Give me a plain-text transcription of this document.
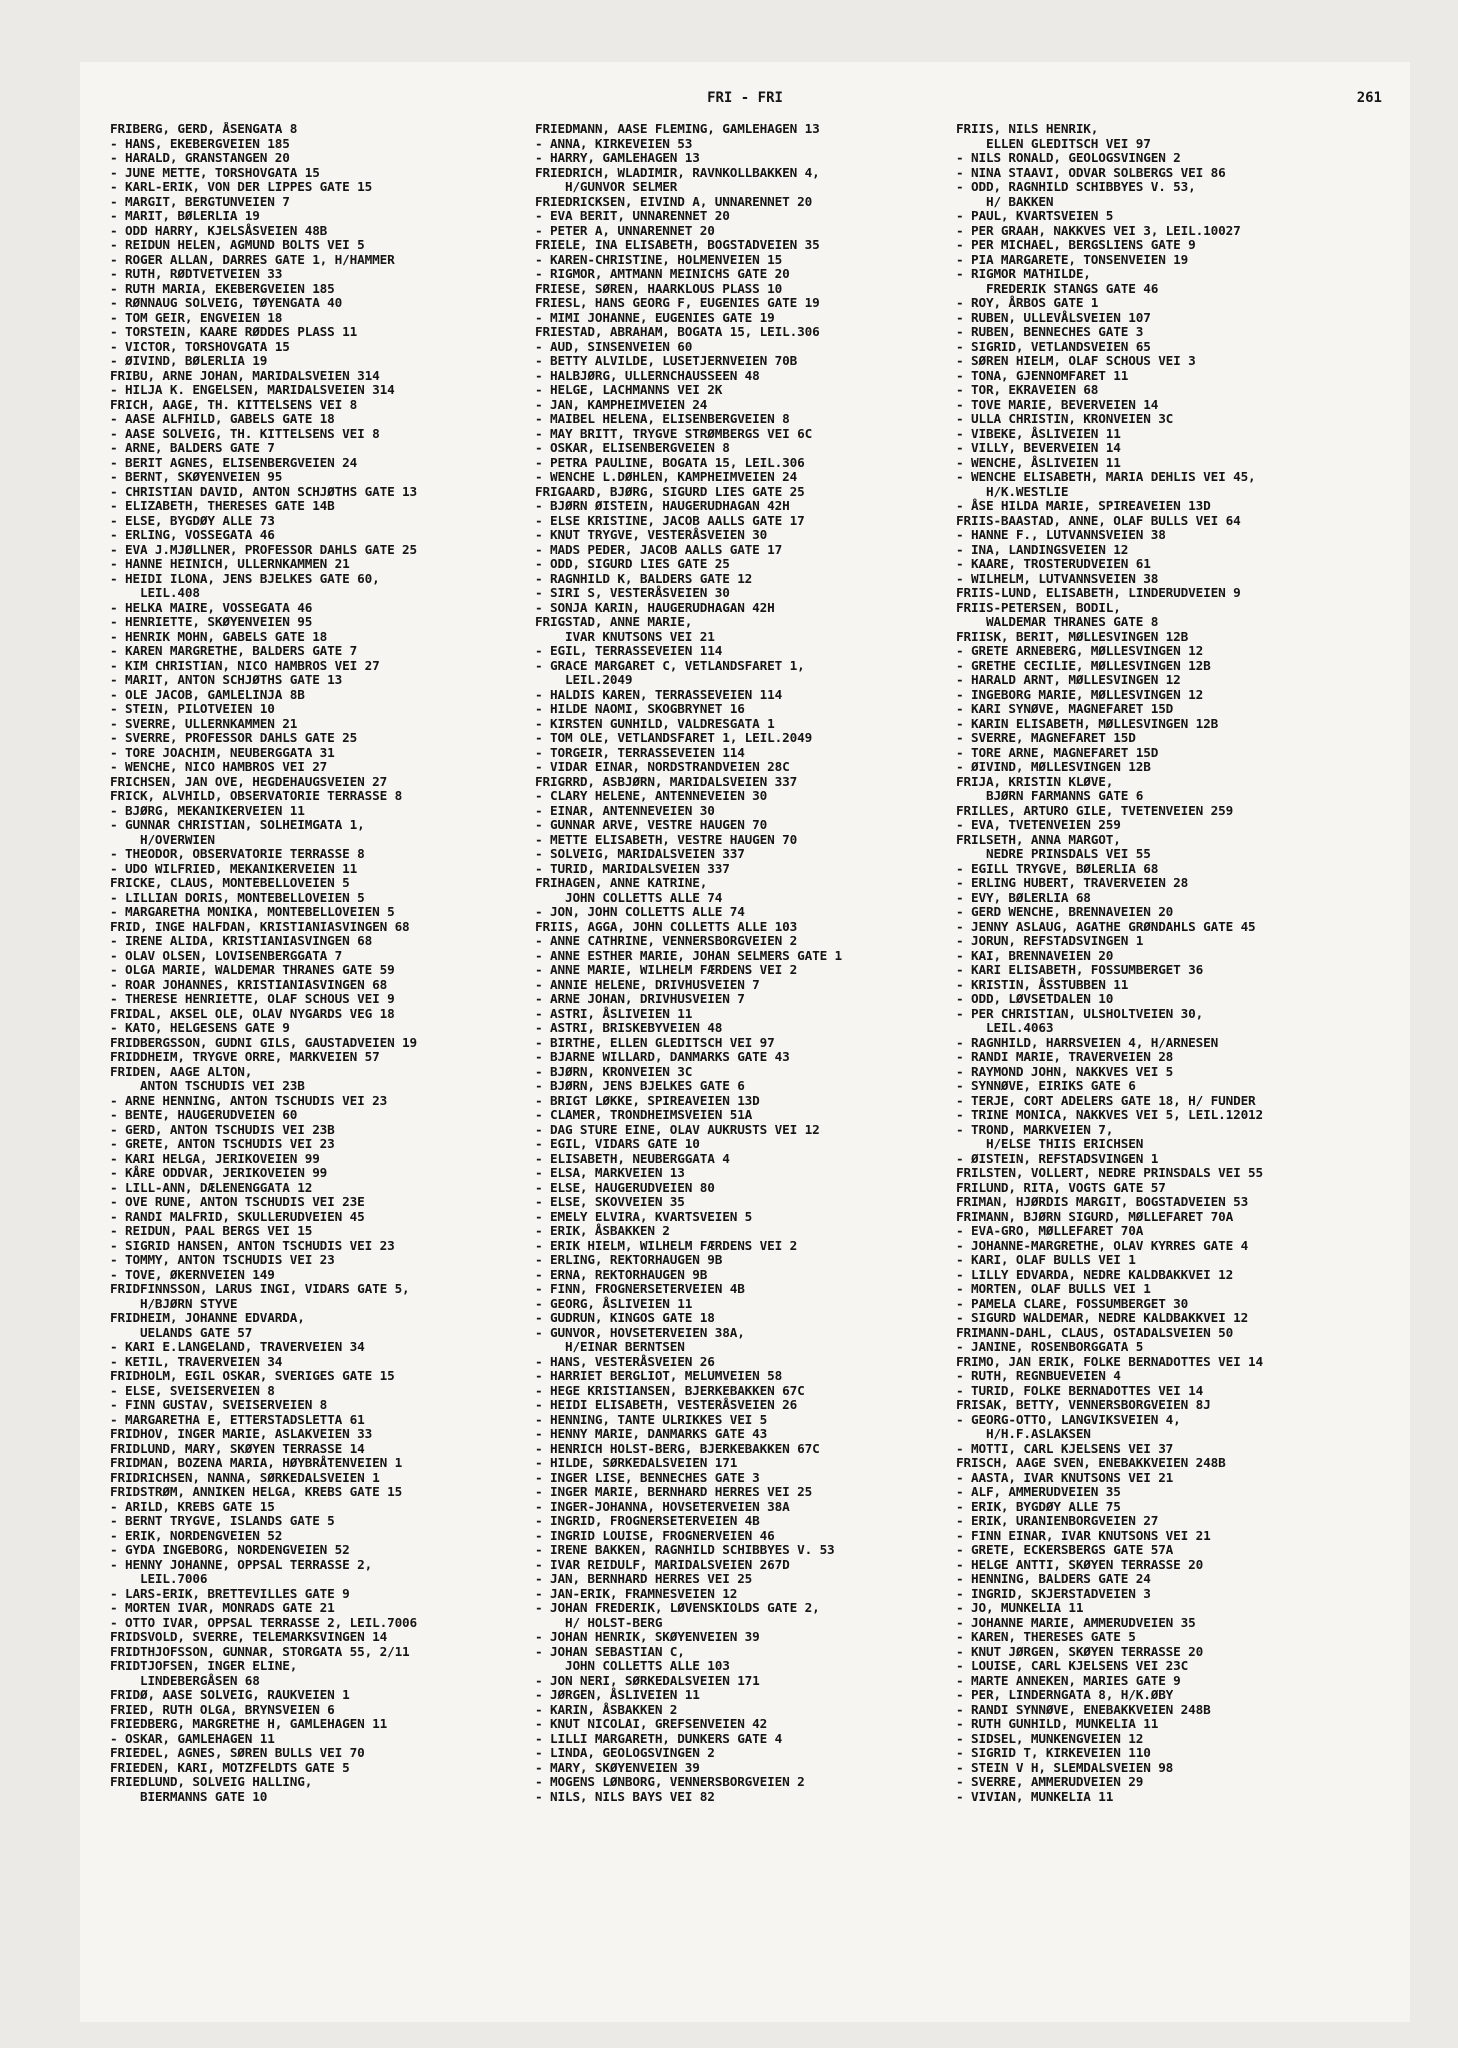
FRI - FRI	261
FRIBERG, GERD, ÅSENGATA 8
- HANS, EKEBERGVEIEN 185
- HARALD, GRANSTANGEN 20
- JUNE METTE, TORSHOVGATA 15
- KARL-ERIK, VON DER LIPPES GATE 15
- MARGIT, BERGTUNVEIEN 7
- MARIT, BØLERLIA 19
- ODD HARRY, KJELSÅSVEIEN 48B
- REIDUN HELEN, AGMUND BOLTS VEI 5
- ROGER ALLAN, DARRES GATE 1, H/HAMMER
- RUTH, RØDTVETVEIEN 33
- RUTH MARIA, EKEBERGVEIEN 185
- RØNNAUG SOLVEIG, TØYENGATA 40
- TOM GEIR, ENGVEIEN 18
- TORSTEIN, KAARE RØDDES PLASS 11
- VICTOR, TORSHOVGATA 15
- ØIVIND, BØLERLIA 19
FRIBU, ARNE JOHAN, MARIDALSVEIEN 314
- HILJA K. ENGELSEN, MARIDALSVEIEN 314
FRICH, AAGE, TH. KITTELSENS VEI 8
- AASE ALFHILD, GABELS GATE 18
- AASE SOLVEIG, TH. KITTELSENS VEI 8
- ARNE, BALDERS GATE 7
- BERIT AGNES, ELISENBERGVEIEN 24
- BERNT, SKØYENVEIEN 95
- CHRISTIAN DAVID, ANTON SCHJØTHS GATE 13
- ELIZABETH, THERESES GATE 14B
- ELSE, BYGDØY ALLE 73
- ERLING, VOSSEGATA 46
- EVA J.MJØLLNER, PROFESSOR DAHLS GATE 25
- HANNE HEINICH, ULLERNKAMMEN 21
- HEIDI ILONA, JENS BJELKES GATE 60,
LEIL.408
- HELKA MAIRE, VOSSEGATA 46
- HENRIETTE, SKØYENVEIEN 95
- HENRIK MOHN, GABELS GATE 18
- KAREN MARGRETHE, BALDERS GATE 7
- KIM CHRISTIAN, NICO HAMBROS VEI 27
- MARIT, ANTON SCHJØTHS GATE 13
- OLE JACOB, GAMLELINJA 8B
- STEIN, PILOTVEIEN 10
- SVERRE, ULLERNKAMMEN 21
- SVERRE, PROFESSOR DAHLS GATE 25
- TORE JOACHIM, NEUBERGGATA 31
- WENCHE, NICO HAMBROS VEI 27
FRICHSEN, JAN OVE, HEGDEHAUGSVEIEN 27
FRICK, ALVHILD, OBSERVATORIE TERRASSE 8
- BJØRG, MEKANIKERVEIEN 11
- GUNNAR CHRISTIAN, SOLHEIMGATA 1,
H/OVERWIEN
- THEODOR, OBSERVATORIE TERRASSE 8
- UDO WILFRIED, MEKANIKERVEIEN 11
FRICKE, CLAUS, MONTEBELLOVEIEN 5
- LILLIAN DORIS, MONTEBELLOVEIEN 5
- MARGARETHA MONIKA, MONTEBELLOVEIEN 5
FRID, INGE HALFDAN, KRISTIANIASVINGEN 68
- IRENE ALIDA, KRISTIANIASVINGEN 68
- OLAV OLSEN, LOVISENBERGGATA 7
- OLGA MARIE, WALDEMAR THRANES GATE 59
- ROAR JOHANNES, KRISTIANIASVINGEN 68
- THERESE HENRIETTE, OLAF SCHOUS VEI 9
FRIDAL, AKSEL OLE, OLAV NYGARDS VEG 18
- KATO, HELGESENS GATE 9
FRIDBERGSSON, GUDNI GILS, GAUSTADVEIEN 19
FRIDDHEIM, TRYGVE ORRE, MARKVEIEN 57
FRIDEN, AAGE ALTON,
ANTON TSCHUDIS VEI 23B
- ARNE HENNING, ANTON TSCHUDIS VEI 23
- BENTE, HAUGERUDVEIEN 60
- GERD, ANTON TSCHUDIS VEI 23B
- GRETE, ANTON TSCHUDIS VEI 23
- KARI HELGA, JERIKOVEIEN 99
- KÅRE ODDVAR, JERIKOVEIEN 99
- LILL-ANN, DÆLENENGGATA 12
- OVE RUNE, ANTON TSCHUDIS VEI 23E
- RANDI MALFRID, SKULLERUDVEIEN 45
- REIDUN, PAAL BERGS VEI 15
- SIGRID HANSEN, ANTON TSCHUDIS VEI 23
- TOMMY, ANTON TSCHUDIS VEI 23
- TOVE, ØKERNVEIEN 149
FRIDFINNSSON, LARUS INGI, VIDARS GATE 5,
H/BJØRN STYVE
FRIDHEIM, JOHANNE EDVARDA,
UELANDS GATE 57
- KARI E.LANGELAND, TRAVERVEIEN 34
- KETIL, TRAVERVEIEN 34
FRIDHOLM, EGIL OSKAR, SVERIGES GATE 15
- ELSE, SVEISERVEIEN 8
- FINN GUSTAV, SVEISERVEIEN 8
- MARGARETHA E, ETTERSTADSLETTA 61
FRIDHOV, INGER MARIE, ASLAKVEIEN 33
FRIDLUND, MARY, SKØYEN TERRASSE 14
FRIDMAN, BOZENA MARIA, HØYBRÅTENVEIEN 1
FRIDRICHSEN, NANNA, SØRKEDALSVEIEN 1
FRIDSTRØM, ANNIKEN HELGA, KREBS GATE 15
- ARILD, KREBS GATE 15
- BERNT TRYGVE, ISLANDS GATE 5
- ERIK, NORDENGVEIEN 52
- GYDA INGEBORG, NORDENGVEIEN 52
- HENNY JOHANNE, OPPSAL TERRASSE 2,
LEIL.7006
- LARS-ERIK, BRETTEVILLES GATE 9
- MORTEN IVAR, MONRADS GATE 21
- OTTO IVAR, OPPSAL TERRASSE 2, LEIL.7006
FRIDSVOLD, SVERRE, TELEMARKSVINGEN 14
FRIDTHJOFSSON, GUNNAR, STORGATA 55, 2/11
FRIDTJOFSEN, INGER ELINE,
LINDEBERGÅSEN 68
FRIDØ, AASE SOLVEIG, RAUKVEIEN 1
FRIED, RUTH OLGA, BRYNSVEIEN 6
FRIEDBERG, MARGRETHE H, GAMLEHAGEN 11
- OSKAR, GAMLEHAGEN 11
FRIEDEL, AGNES, SØREN BULLS VEI 70
FRIEDEN, KARI, MOTZFELDTS GATE 5
FRIEDLUND, SOLVEIG HALLING,
BIERMANNS GATE 10
FRIEDMANN, AASE FLEMING, GAMLEHAGEN 13
- ANNA, KIRKEVEIEN 53
- HARRY, GAMLEHAGEN 13
FRIEDRICH, WLADIMIR, RAVNKOLLBAKKEN 4,
H/GUNVOR SELMER
FRIEDRICKSEN, EIVIND A, UNNARENNET 20
- EVA BERIT, UNNARENNET 20
- PETER A, UNNARENNET 20
FRIELE, INA ELISABETH, BOGSTADVEIEN 35
- KAREN-CHRISTINE, HOLMENVEIEN 15
- RIGMOR, AMTMANN MEINICHS GATE 20
FRIESE, SØREN, HAARKLOUS PLASS 10
FRIESL, HANS GEORG F, EUGENIES GATE 19
- MIMI JOHANNE, EUGENIES GATE 19
FRIESTAD, ABRAHAM, BOGATA 15, LEIL.306
- AUD, SINSENVEIEN 60
- BETTY ALVILDE, LUSETJERNVEIEN 70B
- HALBJØRG, ULLERNCHAUSSEEN 48
- HELGE, LACHMANNS VEI 2K
- JAN, KAMPHEIMVEIEN 24
- MAIBEL HELENA, ELISENBERGVEIEN 8
- MAY BRITT, TRYGVE STRØMBERGS VEI 6C
- OSKAR, ELISENBERGVEIEN 8
- PETRA PAULINE, BOGATA 15, LEIL.306
- WENCHE L.DØHLEN, KAMPHEIMVEIEN 24
FRIGAARD, BJØRG, SIGURD LIES GATE 25
- BJØRN ØISTEIN, HAUGERUDHAGAN 42H
- ELSE KRISTINE, JACOB AALLS GATE 17
- KNUT TRYGVE, VESTERÅSVEIEN 30
- MADS PEDER, JACOB AALLS GATE 17
- ODD, SIGURD LIES GATE 25
- RAGNHILD K, BALDERS GATE 12
- SIRI S, VESTERÅSVEIEN 30
- SONJA KARIN, HAUGERUDHAGAN 42H
FRIGSTAD, ANNE MARIE,
IVAR KNUTSONS VEI 21
- EGIL, TERRASSEVEIEN 114
- GRACE MARGARET C, VETLANDSFARET 1,
LEIL.2049
- HALDIS KAREN, TERRASSEVEIEN 114
- HILDE NAOMI, SKOGBRYNET 16
- KIRSTEN GUNHILD, VALDRESGATA 1
- TOM OLE, VETLANDSFARET 1, LEIL.2049
- TORGEIR, TERRASSEVEIEN 114
- VIDAR EINAR, NORDSTRANDVEIEN 28C
FRIGRRD, ASBJØRN, MARIDALSVEIEN 337
- CLARY HELENE, ANTENNEVEIEN 30
- EINAR, ANTENNEVEIEN 30
- GUNNAR ARVE, VESTRE HAUGEN 70
- METTE ELISABETH, VESTRE HAUGEN 70
- SOLVEIG, MARIDALSVEIEN 337
- TURID, MARIDALSVEIEN 337
FRIHAGEN, ANNE KATRINE,
JOHN COLLETTS ALLE 74
- JON, JOHN COLLETTS ALLE 74
FRIIS, AGGA, JOHN COLLETTS ALLE 103
- ANNE CATHRINE, VENNERSBORGVEIEN 2
- ANNE ESTHER MARIE, JOHAN SELMERS GATE 1
- ANNE MARIE, WILHELM FÆRDENS VEI 2
- ANNIE HELENE, DRIVHUSVEIEN 7
- ARNE JOHAN, DRIVHUSVEIEN 7
- ASTRI, ÅSLIVEIEN 11
- ASTRI, BRISKEBYVEIEN 48
- BIRTHE, ELLEN GLEDITSCH VEI 97
- BJARNE WILLARD, DANMARKS GATE 43
- BJØRN, KRONVEIEN 3C
- BJØRN, JENS BJELKES GATE 6
- BRIGT LØKKE, SPIREAVEIEN 13D
- CLAMER, TRONDHEIMSVEIEN 51A
- DAG STURE EINE, OLAV AUKRUSTS VEI 12
- EGIL, VIDARS GATE 10
- ELISABETH, NEUBERGGATA 4
- ELSA, MARKVEIEN 13
- ELSE, HAUGERUDVEIEN 80
- ELSE, SKOVVEIEN 35
- EMELY ELVIRA, KVARTSVEIEN 5
- ERIK, ÅSBAKKEN 2
- ERIK HIELM, WILHELM FÆRDENS VEI 2
- ERLING, REKTORHAUGEN 9B
- ERNA, REKTORHAUGEN 9B
- FINN, FROGNERSETERVEIEN 4B
- GEORG, ÅSLIVEIEN 11
- GUDRUN, KINGOS GATE 18
- GUNVOR, HOVSETERVEIEN 38A,
H/EINAR BERNTSEN
- HANS, VESTERÅSVEIEN 26
- HARRIET BERGLIOT, MELUMVEIEN 58
- HEGE KRISTIANSEN, BJERKEBAKKEN 67C
- HEIDI ELISABETH, VESTERÅSVEIEN 26
- HENNING, TANTE ULRIKKES VEI 5
- HENNY MARIE, DANMARKS GATE 43
- HENRICH HOLST-BERG, BJERKEBAKKEN 67C
- HILDE, SØRKEDALSVEIEN 171
- INGER LISE, BENNECHES GATE 3
- INGER MARIE, BERNHARD HERRES VEI 25
- INGER-JOHANNA, HOVSETERVEIEN 38A
- INGRID, FROGNERSETERVEIEN 4B
- INGRID LOUISE, FROGNERVEIEN 46
- IRENE BAKKEN, RAGNHILD SCHIBBYES V. 53
- IVAR REIDULF, MARIDALSVEIEN 267D
- JAN, BERNHARD HERRES VEI 25
- JAN-ERIK, FRAMNESVEIEN 12
- JOHAN FREDERIK, LØVENSKIOLDS GATE 2,
H/ HOLST-BERG
- JOHAN HENRIK, SKØYENVEIEN 39
- JOHAN SEBASTIAN C,
JOHN COLLETTS ALLE 103
- JON NERI, SØRKEDALSVEIEN 171
- JØRGEN, ÅSLIVEIEN 11
- KARIN, ÅSBAKKEN 2
- KNUT NICOLAI, GREFSENVEIEN 42
- LILLI MARGARETH, DUNKERS GATE 4
- LINDA, GEOLOGSVINGEN 2
- MARY, SKØYENVEIEN 39
- MOGENS LØNBORG, VENNERSBORGVEIEN 2
- NILS, NILS BAYS VEI 82
FRIIS, NILS HENRIK,
ELLEN GLEDITSCH VEI 97
- NILS RONALD, GEOLOGSVINGEN 2
- NINA STAAVI, ODVAR SOLBERGS VEI 86
- ODD, RAGNHILD SCHIBBYES V. 53,
H/ BAKKEN
- PAUL, KVARTSVEIEN 5
- PER GRAAH, NAKKVES VEI 3, LEIL.10027
- PER MICHAEL, BERGSLIENS GATE 9
- PIA MARGARETE, TONSENVEIEN 19
- RIGMOR MATHILDE,
FREDERIK STANGS GATE 46
- ROY, ÅRBOS GATE 1
- RUBEN, ULLEVÅLSVEIEN 107
- RUBEN, BENNECHES GATE 3
- SIGRID, VETLANDSVEIEN 65
- SØREN HIELM, OLAF SCHOUS VEI 3
- TONA, GJENNOMFARET 11
- TOR, EKRAVEIEN 68
- TOVE MARIE, BEVERVEIEN 14
- ULLA CHRISTIN, KRONVEIEN 3C
- VIBEKE, ÅSLIVEIEN 11
- VILLY, BEVERVEIEN 14
- WENCHE, ÅSLIVEIEN 11
- WENCHE ELISABETH, MARIA DEHLIS VEI 45,
H/K.WESTLIE
- ÅSE HILDA MARIE, SPIREAVEIEN 13D
FRIIS-BAASTAD, ANNE, OLAF BULLS VEI 64
- HANNE F., LUTVANNSVEIEN 38
- INA, LANDINGSVEIEN 12
- KAARE, TROSTERUDVEIEN 61
- WILHELM, LUTVANNSVEIEN 38
FRIIS-LUND, ELISABETH, LINDERUDVEIEN 9
FRIIS-PETERSEN, BODIL,
WALDEMAR THRANES GATE 8
FRIISK, BERIT, MØLLESVINGEN 12B
- GRETE ARNEBERG, MØLLESVINGEN 12
- GRETHE CECILIE, MØLLESVINGEN 12B
- HARALD ARNT, MØLLESVINGEN 12
- INGEBORG MARIE, MØLLESVINGEN 12
- KARI SYNØVE, MAGNEFARET 15D
- KARIN ELISABETH, MØLLESVINGEN 12B
- SVERRE, MAGNEFARET 15D
- TORE ARNE, MAGNEFARET 15D
- ØIVIND, MØLLESVINGEN 12B
FRIJA, KRISTIN KLØVE,
BJØRN FARMANNS GATE 6
FRILLES, ARTURO GILE, TVETENVEIEN 259
- EVA, TVETENVEIEN 259
FRILSETH, ANNA MARGOT,
NEDRE PRINSDALS VEI 55
- EGILL TRYGVE, BØLERLIA 68
- ERLING HUBERT, TRAVERVEIEN 28
- EVY, BØLERLIA 68
- GERD WENCHE, BRENNAVEIEN 20
- JENNY ASLAUG, AGATHE GRØNDAHLS GATE 45
- JORUN, REFSTADSVINGEN 1
- KAI, BRENNAVEIEN 20
- KARI ELISABETH, FOSSUMBERGET 36
- KRISTIN, ÅSSTUBBEN 11
- ODD, LØVSETDALEN 10
- PER CHRISTIAN, ULSHOLTVEIEN 30,
LEIL.4063
- RAGNHILD, HARRSVEIEN 4, H/ARNESEN
- RANDI MARIE, TRAVERVEIEN 28
- RAYMOND JOHN, NAKKVES VEI 5
- SYNNØVE, EIRIKS GATE 6
- TERJE, CORT ADELERS GATE 18, H/ FUNDER
- TRINE MONICA, NAKKVES VEI 5, LEIL.12012
- TROND, MARKVEIEN 7,
H/ELSE THIIS ERICHSEN
- ØISTEIN, REFSTADSVINGEN 1
FRILSTEN, VOLLERT, NEDRE PRINSDALS VEI 55
FRILUND, RITA, VOGTS GATE 57
FRIMAN, HJØRDIS MARGIT, BOGSTADVEIEN 53
FRIMANN, BJØRN SIGURD, MØLLEFARET 70A
- EVA-GRO, MØLLEFARET 70A
- JOHANNE-MARGRETHE, OLAV KYRRES GATE 4
- KARI, OLAF BULLS VEI 1
- LILLY EDVARDA, NEDRE KALDBAKKVEI 12
- MORTEN, OLAF BULLS VEI 1
- PAMELA CLARE, FOSSUMBERGET 30
- SIGURD WALDEMAR, NEDRE KALDBAKKVEI 12
FRIMANN-DAHL, CLAUS, OSTADALSVEIEN 50
- JANINE, ROSENBORGGATA 5
FRIMO, JAN ERIK, FOLKE BERNADOTTES VEI 14
- RUTH, REGNBUEVEIEN 4
- TURID, FOLKE BERNADOTTES VEI 14
FRISAK, BETTY, VENNERSBORGVEIEN 8J
- GEORG-OTTO, LANGVIKSVEIEN 4,
H/H.F.ASLAKSEN
- MOTTI, CARL KJELSENS VEI 37
FRISCH, AAGE SVEN, ENEBAKKVEIEN 248B
- AASTA, IVAR KNUTSONS VEI 21
- ALF, AMMERUDVEIEN 35
- ERIK, BYGDØY ALLE 75
- ERIK, URANIENBORGVEIEN 27
- FINN EINAR, IVAR KNUTSONS VEI 21
- GRETE, ECKERSBERGS GATE 57A
- HELGE ANTTI, SKØYEN TERRASSE 20
- HENNING, BALDERS GATE 24
- INGRID, SKJERSTADVEIEN 3
- JO, MUNKELIA 11
- JOHANNE MARIE, AMMERUDVEIEN 35
- KAREN, THERESES GATE 5
- KNUT JØRGEN, SKØYEN TERRASSE 20
- LOUISE, CARL KJELSENS VEI 23C
- MARTE ANNEKEN, MARIES GATE 9
- PER, LINDERNGATA 8, H/K.ØBY
- RANDI SYNNØVE, ENEBAKKVEIEN 248B
- RUTH GUNHILD, MUNKELIA 11
- SIDSEL, MUNKENGVEIEN 12
- SIGRID T, KIRKEVEIEN 110
- STEIN V H, SLEMDALSVEIEN 98
- SVERRE, AMMERUDVEIEN 29
- VIVIAN, MUNKELIA 11
